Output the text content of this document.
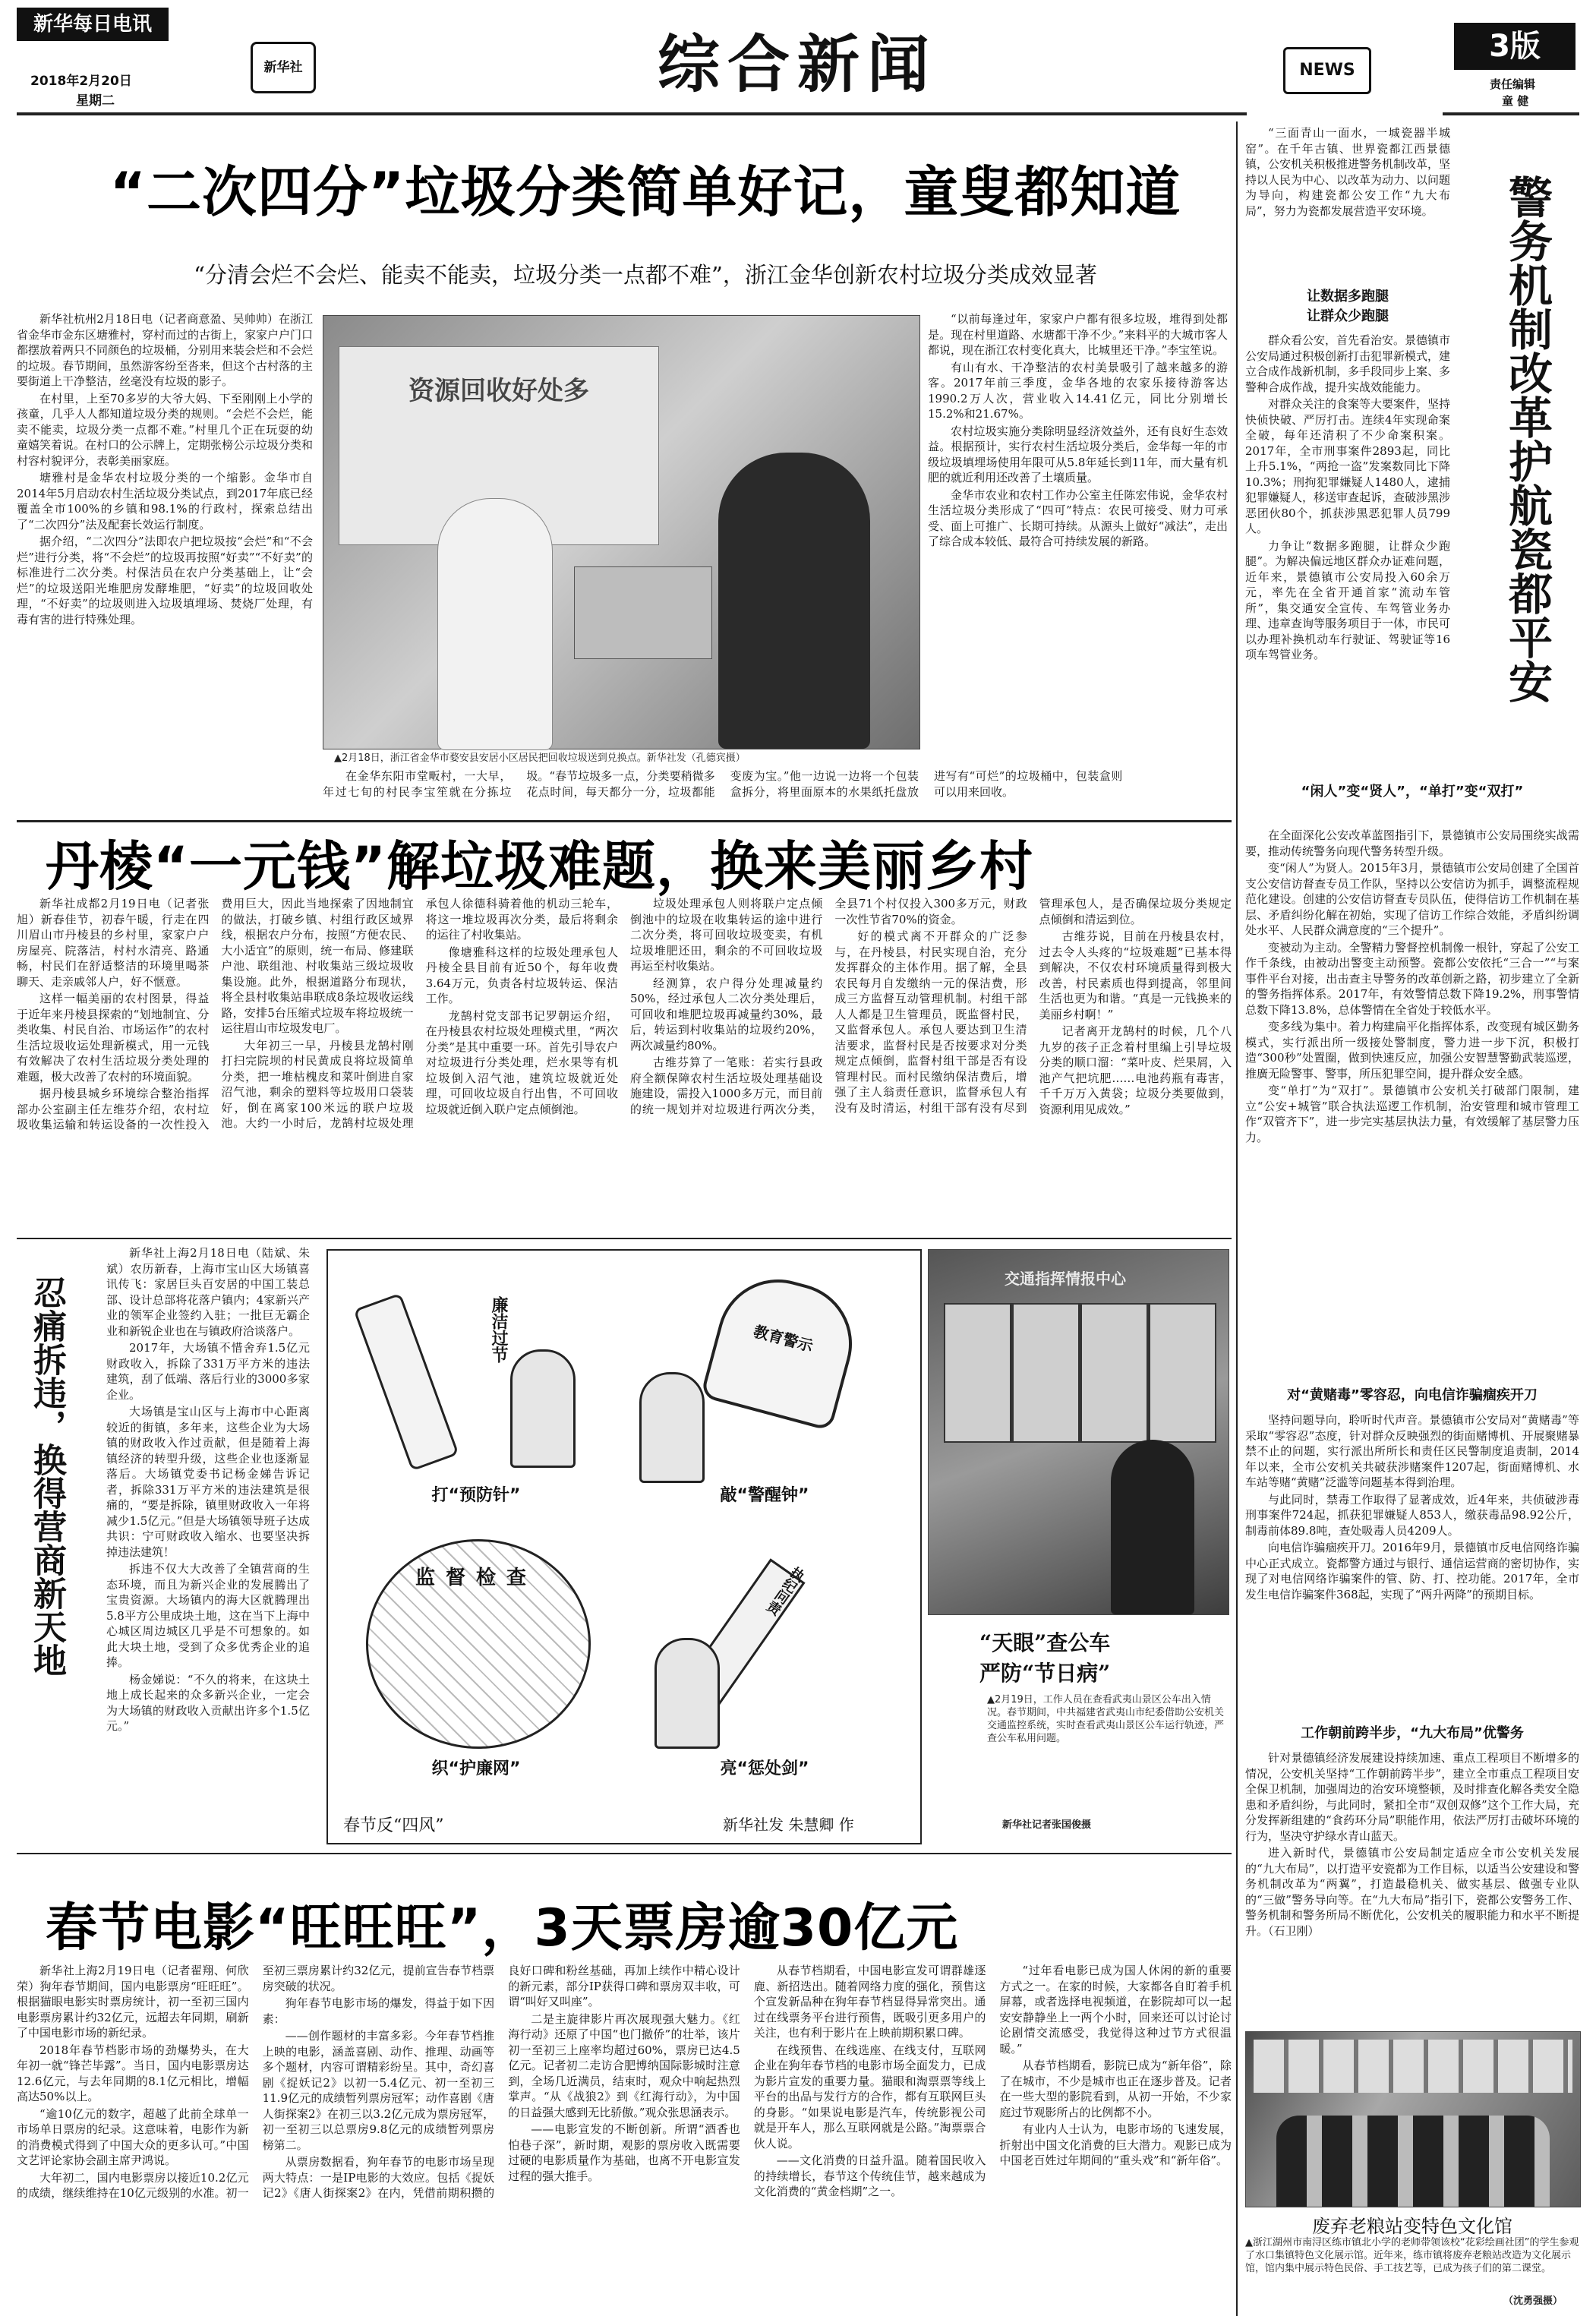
新华每日电讯
2018年2月20日
星期二
新华社	综合新闻	NEWS
3版
责任编辑
童 健
“二次四分”垃圾分类简单好记，童叟都知道
“分清会烂不会烂、能卖不能卖，垃圾分类一点都不难”，浙江金华创新农村垃圾分类成效显著

新华社杭州2月18日电（记者商意盈、吴帅帅）在浙江省金华市金东区塘雅村，穿村而过的古街上，家家户户门口都摆放着两只不同颜色的垃圾桶，分别用来装会烂和不会烂的垃圾。春节期间，虽然游客纷至沓来，但这个古村落的主要街道上干净整洁，丝毫没有垃圾的影子。

在村里，上至70多岁的大爷大妈、下至刚刚上小学的孩童，几乎人人都知道垃圾分类的规则。“会烂不会烂，能卖不能卖，垃圾分类一点都不难。”村里几个正在玩耍的幼童嬉笑着说。在村口的公示牌上，定期张榜公示垃圾分类和村容村貌评分，表彰美丽家庭。

塘雅村是金华农村垃圾分类的一个缩影。金华市自2014年5月启动农村生活垃圾分类试点，到2017年底已经覆盖全市100%的乡镇和98.1%的行政村，探索总结出了“二次四分”法及配套长效运行制度。

据介绍，“二次四分”法即农户把垃圾按“会烂”和“不会烂”进行分类，将“不会烂”的垃圾再按照“好卖”“不好卖”的标准进行二次分类。村保洁员在农户分类基础上，让“会烂”的垃圾送阳光堆肥房发酵堆肥，“好卖”的垃圾回收处理，“不好卖”的垃圾则进入垃圾填埋场、焚烧厂处理，有毒有害的进行特殊处理。

资源回收好处多
▲2月18日，浙江省金华市婺安县安居小区居民把回收垃圾送到兑换点。新华社发（孔德宾摄）

在金华东阳市堂畈村，一大早，年过七旬的村民李宝笙就在分拣垃圾。“春节垃圾多一点，分类要稍微多花点时间，每天都分一分，垃圾都能变废为宝。”他一边说一边将一个包装盒拆分，将里面原本的水果纸托盘放进写有“可烂”的垃圾桶中，包装盒则可以用来回收。

“以前每逢过年，家家户户都有很多垃圾，堆得到处都是。现在村里道路、水塘都干净不少。”来料平的大城市客人都说，现在浙江农村变化真大，比城里还干净。”李宝笙说。

有山有水、干净整洁的农村美景吸引了越来越多的游客。2017年前三季度，金华各地的农家乐接待游客达1990.2万人次，营业收入14.41亿元，同比分别增长15.2%和21.67%。

农村垃圾实施分类除明显经济效益外，还有良好生态效益。根据预计，实行农村生活垃圾分类后，金华每一年的市级垃圾填埋场使用年限可从5.8年延长到11年，而大量有机肥的就近利用还改善了土壤质量。

金华市农业和农村工作办公室主任陈宏伟说，金华农村生活垃圾分类形成了“四可”特点：农民可接受、财力可承受、面上可推广、长期可持续。从源头上做好“减法”，走出了综合成本较低、最符合可持续发展的新路。

丹棱“一元钱”解垃圾难题，换来美丽乡村

新华社成都2月19日电（记者张旭）新春佳节，初春午暖，行走在四川眉山市丹棱县的乡村里，家家户户房屋亮、院落洁，村村水清亮、路通畅，村民们在舒适整洁的环境里喝茶聊天、走亲戚邻人户，好不惬意。

这样一幅美丽的农村图景，得益于近年来丹棱县探索的“划地制宜、分类收集、村民自治、市场运作”的农村生活垃圾收运处理新模式，用一元钱有效解决了农村生活垃圾分类处理的难题，极大改善了农村的环境面貌。

据丹棱县城乡环境综合整治指挥部办公室副主任左维芬介绍，农村垃圾收集运输和转运设备的一次性投入费用巨大，因此当地探索了因地制宜的做法，打破乡镇、村组行政区域界线，根据农户分布，按照“方便农民、大小适宜”的原则，统一布局、修建联户池、联组池、村收集站三级垃圾收集设施。此外，根据道路分布现状，将全县村收集站串联成8条垃圾收运线路，安排5台压缩式垃圾车将垃圾统一运往眉山市垃圾发电厂。

大年初三一早，丹棱县龙鹄村刚打扫完院坝的村民黄成良将垃圾简单分类，把一堆枯槐皮和菜叶倒进自家沼气池，剩余的塑料等垃圾用口袋装好，倒在离家100米远的联户垃圾池。大约一小时后，龙鹄村垃圾处理承包人徐德科骑着他的机动三轮车，将这一堆垃圾再次分类，最后将剩余的运往了村收集站。

像塘雅科这样的垃圾处理承包人丹棱全县目前有近50个，每年收费3.64万元，负责各村垃圾转运、保洁工作。

龙鹄村党支部书记罗朝运介绍，在丹棱县农村垃圾处理模式里，“两次分类”是其中重要一环。首先引导农户对垃圾进行分类处理，烂水果等有机垃圾倒入沼气池，建筑垃圾就近处理，可回收垃圾自行出售，不可回收垃圾就近倒入联户定点倾倒池。

垃圾处理承包人则将联户定点倾倒池中的垃圾在收集转运的途中进行二次分类，将可回收垃圾变卖，有机垃圾堆肥还田，剩余的不可回收垃圾再运至村收集站。

经测算，农户得分处理减量约50%，经过承包人二次分类处理后，可回收和堆肥垃圾再减量约30%，最后，转运到村收集站的垃圾约20%，两次减量约80%。

古维芬算了一笔账：若实行县政府全额保障农村生活垃圾处理基础设施建设，需投入1000多万元，而目前的统一规划并对垃圾进行两次分类，全县71个村仅投入300多万元，财政一次性节省70%的资金。

好的模式离不开群众的广泛参与，在丹棱县，村民实现自治，充分发挥群众的主体作用。据了解，全县农民每月自发缴纳一元的保洁费，形成三方监督互动管理机制。村组干部人人都是卫生管理员，既监督村民，又监督承包人。承包人要达到卫生清洁要求，监督村民是否按要求对分类规定点倾倒，监督村组干部是否有设管理村民。而村民缴纳保洁费后，增强了主人翁责任意识，监督承包人有没有及时清运，村组干部有没有尽到管理承包人，是否确保垃圾分类规定点倾倒和清运到位。

古维芬说，目前在丹棱县农村，过去令人头疼的“垃圾难题”已基本得到解决，不仅农村环境质量得到极大改善，村民素质也得到提高，邻里间生活也更为和谐。“真是一元钱换来的美丽乡村啊！”

记者离开龙鹄村的时候，几个八九岁的孩子正念着村里编上引导垃圾分类的顺口溜：“菜叶皮、烂果屑，入池产气把坑肥……电池药瓶有毒害，千千万万入黄袋；垃圾分类要做到，资源利用见成效。”

忍痛拆违，换得营商新天地

新华社上海2月18日电（陆斌、朱斌）农历新春，上海市宝山区大场镇喜讯传飞：家居巨头百安居的中国工装总部、设计总部将花落户镇内；4家新兴产业的领军企业签约入驻；一批巨无霸企业和新锐企业也在与镇政府洽谈落户。

2017年，大场镇不惜舍弃1.5亿元财政收入，拆除了331万平方米的违法建筑，刮了低端、落后行业的3000多家企业。

大场镇是宝山区与上海市中心距离较近的街镇，多年来，这些企业为大场镇的财政收入作过贡献，但是随着上海镇经济的转型升级，这些企业也逐渐显落后。大场镇党委书记杨金娣告诉记者，拆除331万平方米的违法建筑是很痛的，“要是拆除，镇里财政收入一年将减少1.5亿元。”但是大场镇领导班子达成共识：宁可财政收入缩水、也要坚决拆掉违法建筑！

拆违不仅大大改善了全镇营商的生态环境，而且为新兴企业的发展腾出了宝贵资源。大场镇内的海大区就腾理出5.8平方公里成块土地，这在当下上海中心城区周边城区几乎是不可想象的。如此大块土地，受到了众多优秀企业的追捧。

杨金娣说：“不久的将来，在这块土地上成长起来的众多新兴企业，一定会为大场镇的财政收入贡献出许多个1.5亿元。”

廉洁过节
打“预防针”
教育警示
敲“警醒钟”
监督检查
织“护廉网”
执纪问责
亮“惩处剑”
春节反“四风”	新华社发 朱慧卿 作
交通指挥情报中心
“天眼”查公车
严防“节日病”
▲2月19日，工作人员在查看武夷山景区公车出入情况。春节期间，中共福建省武夷山市纪委借助公安机关交通监控系统，实时查看武夷山景区公车运行轨迹，严查公车私用问题。
新华社记者张国俊摄

“三面青山一面水，一城瓷器半城窑”。在千年古镇、世界瓷都江西景德镇，公安机关积极推进警务机制改革，坚持以人民为中心、以改革为动力、以问题为导向，构建瓷都公安工作“九大布局”，努力为瓷都发展营造平安环境。	警务机制改革护航瓷都平安
让数据多跑腿
让群众少跑腿

群众看公安，首先看治安。景德镇市公安局通过积极创新打击犯罪新模式，建立合成作战新机制，多手段同步上案、多警种合成作战，提升实战效能能力。

对群众关注的食案等大要案件，坚持快侦快破、严厉打击。连续4年实现命案全破，每年还清积了不少命案积案。2017年，全市刑事案件2893起，同比上升5.1%，“两抢一盗”发案数同比下降10.3%；刑拘犯罪嫌疑人1480人，逮捕犯罪嫌疑人，移送审查起诉，查破涉黑涉恶团伙80个，抓获涉黑恶犯罪人员799人。

力争让“数据多跑腿，让群众少跑腿”。为解决偏远地区群众办证难问题，近年来，景德镇市公安局投入60余万元，率先在全省开通首家“流动车管所”，集交通安全宣传、车驾管业务办理、违章查询等服务项目于一体，市民可以办理补换机动车行驶证、驾驶证等16项车驾管业务。

“闲人”变“贤人”，“单打”变“双打”

在全面深化公安改革蓝图指引下，景德镇市公安局围绕实战需要，推动传统警务向现代警务转型升级。

变“闲人”为贤人。2015年3月，景德镇市公安局创建了全国首支公安信访督查专员工作队，坚持以公安信访为抓手，调整流程规范化建设。创建的公安信访督查专员队伍，使得信访工作机制在基层、矛盾纠纷化解在初始，实现了信访工作综合效能，矛盾纠纷调处水平、人民群众满意度的“三个提升”。

变被动为主动。全警精力警督控机制像一根针，穿起了公安工作千条线，由被动出警变主动预警。瓷都公安依托“三合一”“与案事件平台对接，出击查主导警务的改革创新之路，初步建立了全新的警务指挥体系。2017年，有效警情总数下降19.2%，刑事警情总数下降13.8%，总体警情在全省处于较低水平。

变多线为集中。着力构建扁平化指挥体系，改变现有城区勤务模式，实行派出所一级接处警制度，警力进一步下沉，积极打造“300秒”处置圈，做到快速反应，加强公安智慧警勤武装巡逻，推廣无险警事、警事，所压犯罪空间，提升群众安全感。

变“单打”为“双打”。景德镇市公安机关打破部门限制，建立“公安+城管”联合执法巡逻工作机制，治安管理和城市管理工作“双管齐下”，进一步完实基层执法力量，有效缓解了基层警力压力。

对“黄赌毒”零容忍，向电信诈骗痼疾开刀

坚持问题导向，聆听时代声音。景德镇市公安局对“黄赌毒”等采取“零容忍”态度，针对群众反映强烈的街面赌博机、开展聚赌暴禁不止的问题，实行派出所所长和责任区民警制度追责制，2014年以来，全市公安机关共破获涉赌案件1207起，街面赌博机、水车站等赌“黄赌”泛滥等问题基本得到治理。

与此同时，禁毒工作取得了显著成效，近4年来，共侦破涉毒刑事案件724起，抓获犯罪嫌疑人853人，缴获毒品98.92公斤，制毒前体89.8吨，查处吸毒人员4209人。

向电信诈骗痼疾开刀。2016年9月，景德镇市反电信网络诈骗中心正式成立。瓷都警方通过与银行、通信运营商的密切协作，实现了对电信网络诈骗案件的管、防、打、控功能。2017年，全市发生电信诈骗案件368起，实现了“两升两降”的预期目标。

工作朝前跨半步，“九大布局”优警务

针对景德镇经济发展建设持续加速、重点工程项目不断增多的情况，公安机关坚持“工作朝前跨半步”，建立全市重点工程项目安全保卫机制，加强周边的治安环境整顿，及时排查化解各类安全隐患和矛盾纠纷，与此同时，紧扣全市“双创双修”这个工作大局，充分发挥新组建的“食药环分局”职能作用，依法严厉打击破坏环境的行为，坚决守护绿水青山蓝天。

进入新时代，景德镇市公安局制定适应全市公安机关发展的“九大布局”，以打造平安瓷都为工作目标，以适当公安建设和警务机制改革为“两翼”，打造最稳机关、做实基层、做强专业队的“三做”警务导向等。在“九大布局”指引下，瓷都公安警务工作、警务机制和警务所局不断优化，公安机关的履职能力和水平不断提升。（石卫刚）

废弃老粮站变特色文化馆
▲浙江湖州市南浔区练市镇北小学的老师带领该校“花彩绘画社团”的学生参观了水口集镇特色文化展示馆。近年来，练市镇将废弃老粮站改造为文化展示馆，馆内集中展示特色民俗、手工技艺等，已成为孩子们的第二课堂。
（沈勇强摄）
春节电影“旺旺旺”，3天票房逾30亿元

新华社上海2月19日电（记者翟翔、何欣荣）狗年春节期间，国内电影票房“旺旺旺”。根据猫眼电影实时票房统计，初一至初三国内电影票房累计约32亿元，远超去年同期，刷新了中国电影市场的新纪录。

2018年春节档影市场的劲爆势头，在大年初一就“锋芒毕露”。当日，国内电影票房达12.6亿元，与去年同期的8.1亿元相比，增幅高达50%以上。

“逾10亿元的数字，超越了此前全球单一市场单日票房的纪录。这意味着，电影作为新的消费模式得到了中国大众的更多认可。”中国文艺评论家协会副主席尹鸿说。

大年初二，国内电影票房以接近10.2亿元的成绩，继续维持在10亿元级别的水准。初一至初三票房累计约32亿元，提前宣告春节档票房突破的状况。

狗年春节电影市场的爆发，得益于如下因素：

——创作题材的丰富多彩。今年春节档推上映的电影，涵盖喜剧、动作、推理、动画等多个题材，内容可谓精彩纷呈。其中，奇幻喜剧《捉妖记2》以初一5.4亿元、初一至初三11.9亿元的成绩暂列票房冠军；动作喜剧《唐人街探案2》在初三以3.2亿元成为票房冠军，初一至初三以总票房9.8亿元的成绩暂列票房榜第二。

从票房数据看，狗年春节的电影市场呈现两大特点：一是IP电影的大效应。包括《捉妖记2》《唐人街探案2》在内，凭借前期积攒的良好口碑和粉丝基础，再加上续作中精心设计的新元素，部分IP获得口碑和票房双丰收，可谓“叫好又叫座”。

二是主旋律影片再次展现强大魅力。《红海行动》还原了中国“也门撤侨”的壮举，该片初一至初三上座率均超过60%，票房已达4.5亿元。记者初二走访合肥博纳国际影城时注意到，全场几近满员，结束时，观众中响起热烈掌声。“从《战狼2》到《红海行动》，为中国的日益强大感到无比骄傲。”观众张思涵表示。

——电影宣发的不断创新。所谓“酒香也怕巷子深”，新时期，观影的票房收入既需要过硬的电影质量作为基础，也离不开电影宣发过程的强大推手。

从春节档期看，中国电影宣发可谓群雄逐鹿、新招迭出。随着网络力度的强化，预售这个宣发新品种在狗年春节档显得异常突出。通过在线票务平台进行预售，既吸引更多用户的关注，也有利于影片在上映前期积累口碑。

在线预售、在线选座、在线支付，互联网企业在狗年春节档的电影市场全面发力，已成为影片宣发的重要力量。猫眼和淘票票等线上平台的出品与发行方的合作，都有互联网巨头的身影。“如果说电影是汽车，传统影视公司就是开车人，那么互联网就是公路。”淘票票合伙人说。

——文化消费的日益升温。随着国民收入的持续增长，春节这个传统佳节，越来越成为文化消费的“黄金档期”之一。

“过年看电影已成为国人休闲的新的重要方式之一。在家的时候，大家都各自盯着手机屏幕，或者选择电视频道，在影院却可以一起安安静静坐上一两个小时，回来还可以讨论讨论剧情交流感受，我觉得这种过节方式很温暖。”

从春节档期看，影院已成为“新年俗”，除了在城市，不少是城市也正在逐步普及。记者在一些大型的影院看到，从初一开始，不少家庭过节观影所占的比例都不小。

有业内人士认为，电影市场的飞速发展，折射出中国文化消费的巨大潜力。观影已成为中国老百姓过年期间的“重头戏”和“新年俗”。
